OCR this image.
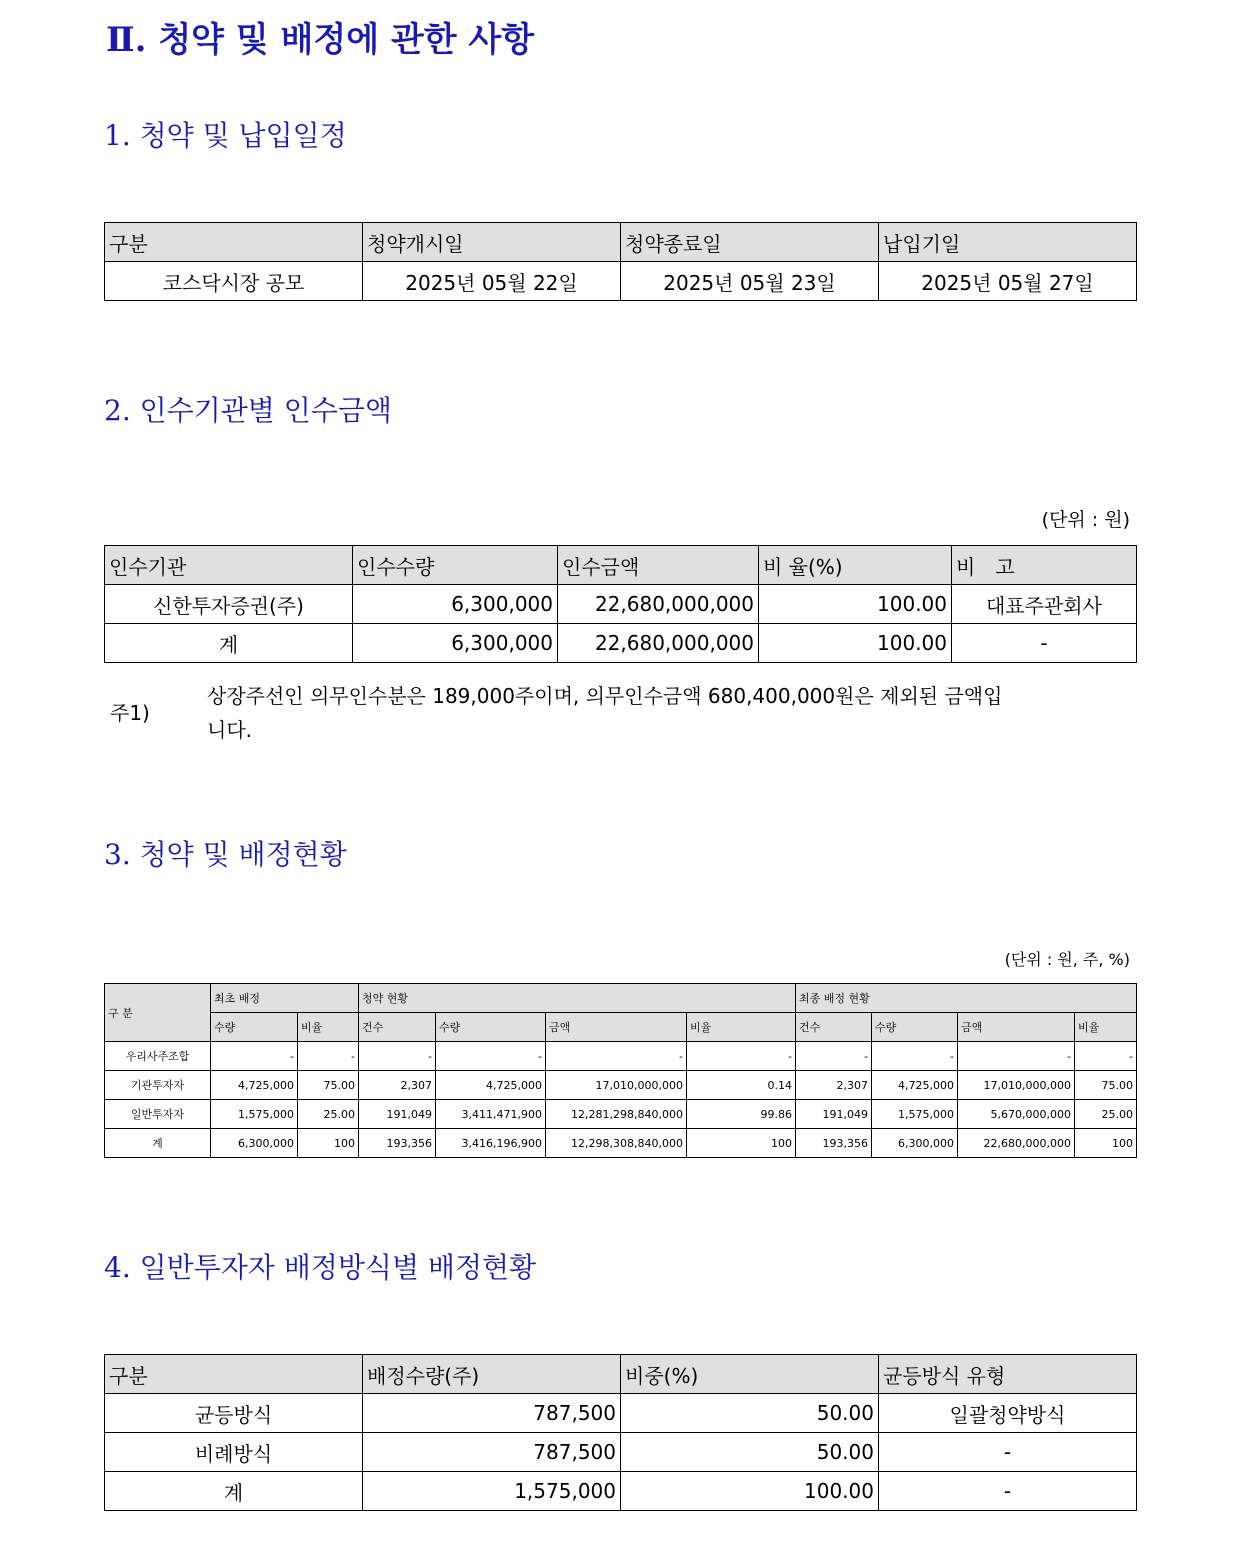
Ⅱ. 청약 및 배정에 관한 사항
1. 청약 및 납입일정
구분	청약개시일	청약종료일	납입기일
코스닥시장 공모	2025년 05월 22일	2025년 05월 23일	2025년 05월 27일
2. 인수기관별 인수금액
(단위 : 원)
인수기관	인수수량	인수금액	비 율(%)	비　고
신한투자증권(주)	6,300,000	22,680,000,000	100.00	대표주관회사
계	6,300,000	22,680,000,000	100.00	-
주1)
상장주선인 의무인수분은 189,000주이며, 의무인수금액 680,400,000원은 제외된 금액입
니다.
3. 청약 및 배정현황
(단위 : 원, 주, %)
구 분	최초 배정		청약 현황				최종 배정 현황			
	수량	비율	건수	수량	금액	비율	건수	수량	금액	비율
우리사주조합	-	-	-	-	-	-	-	-	-	-
기관투자자	4,725,000	75.00	2,307	4,725,000	17,010,000,000	0.14	2,307	4,725,000	17,010,000,000	75.00
일반투자자	1,575,000	25.00	191,049	3,411,471,900	12,281,298,840,000	99.86	191,049	1,575,000	5,670,000,000	25.00
계	6,300,000	100	193,356	3,416,196,900	12,298,308,840,000	100	193,356	6,300,000	22,680,000,000	100
4. 일반투자자 배정방식별 배정현황
구분	배정수량(주)	비중(%)	균등방식 유형
균등방식	787,500	50.00	일괄청약방식
비례방식	787,500	50.00	-
계	1,575,000	100.00	-
